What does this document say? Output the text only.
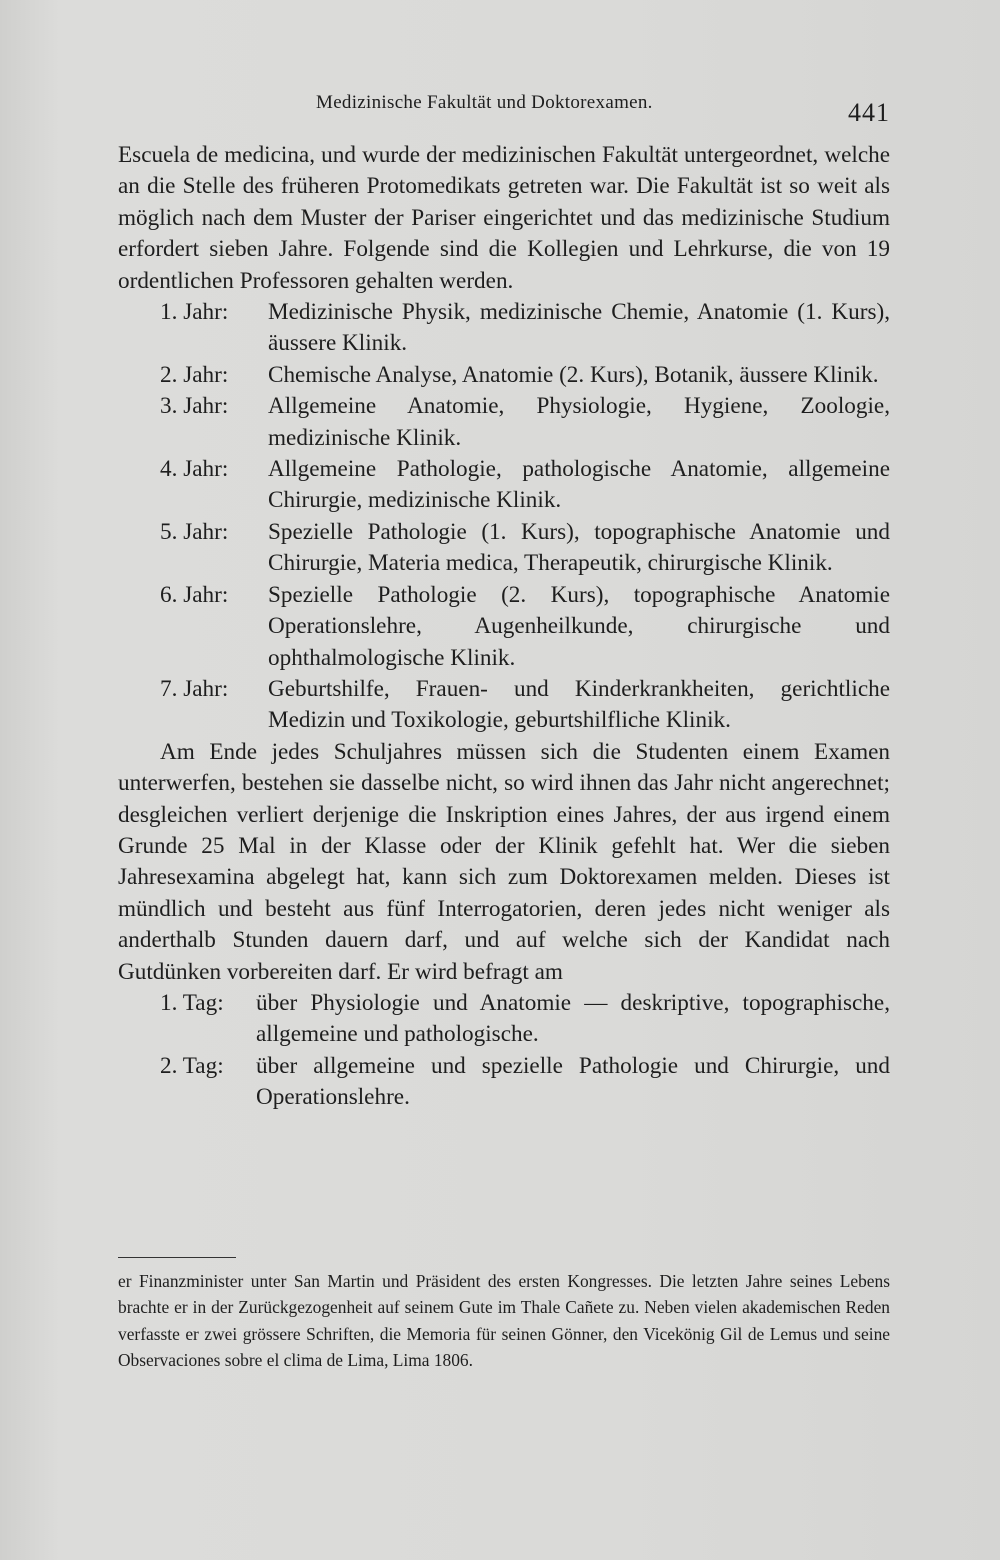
Medizinische Fakultät und Doktorexamen.	441

Escuela de medicina, und wurde der medizinischen Fakultät untergeordnet, welche an die Stelle des früheren Protomedikats getreten war. Die Fakultät ist so weit als möglich nach dem Muster der Pariser eingerichtet und das medizinische Studium erfordert sieben Jahre. Folgende sind die Kollegien und Lehrkurse, die von 19 ordentlichen Professoren gehalten werden.

1. Jahr:	Medizinische Physik, medizinische Chemie, Anatomie (1. Kurs), äussere Klinik.
2. Jahr:	Chemische Analyse, Anatomie (2. Kurs), Botanik, äussere Klinik.
3. Jahr:	Allgemeine Anatomie, Physiologie, Hygiene, Zoologie, medizinische Klinik.
4. Jahr:	Allgemeine Pathologie, pathologische Anatomie, allgemeine Chirurgie, medizinische Klinik.
5. Jahr:	Spezielle Pathologie (1. Kurs), topographische Anatomie und Chirurgie, Materia medica, Therapeutik, chirurgische Klinik.
6. Jahr:	Spezielle Pathologie (2. Kurs), topographische Anatomie Operationslehre, Augenheilkunde, chirurgische und ophthalmologische Klinik.
7. Jahr:	Geburtshilfe, Frauen- und Kinderkrankheiten, gerichtliche Medizin und Toxikologie, geburtshilfliche Klinik.

Am Ende jedes Schuljahres müssen sich die Studenten einem Examen unterwerfen, bestehen sie dasselbe nicht, so wird ihnen das Jahr nicht angerechnet; desgleichen verliert derjenige die Inskription eines Jahres, der aus irgend einem Grunde 25 Mal in der Klasse oder der Klinik gefehlt hat. Wer die sieben Jahresexamina abgelegt hat, kann sich zum Doktorexamen melden. Dieses ist mündlich und besteht aus fünf Interrogatorien, deren jedes nicht weniger als anderthalb Stunden dauern darf, und auf welche sich der Kandidat nach Gutdünken vorbereiten darf. Er wird befragt am

1. Tag:	über Physiologie und Anatomie — deskriptive, topographische, allgemeine und pathologische.
2. Tag:	über allgemeine und spezielle Pathologie und Chirurgie, und Operationslehre.

er Finanzminister unter San Martin und Präsident des ersten Kongresses. Die letzten Jahre seines Lebens brachte er in der Zurückgezogenheit auf seinem Gute im Thale Cañete zu. Neben vielen akademischen Reden verfasste er zwei grössere Schriften, die Memoria für seinen Gönner, den Vicekönig Gil de Lemus und seine Observaciones sobre el clima de Lima, Lima 1806.
